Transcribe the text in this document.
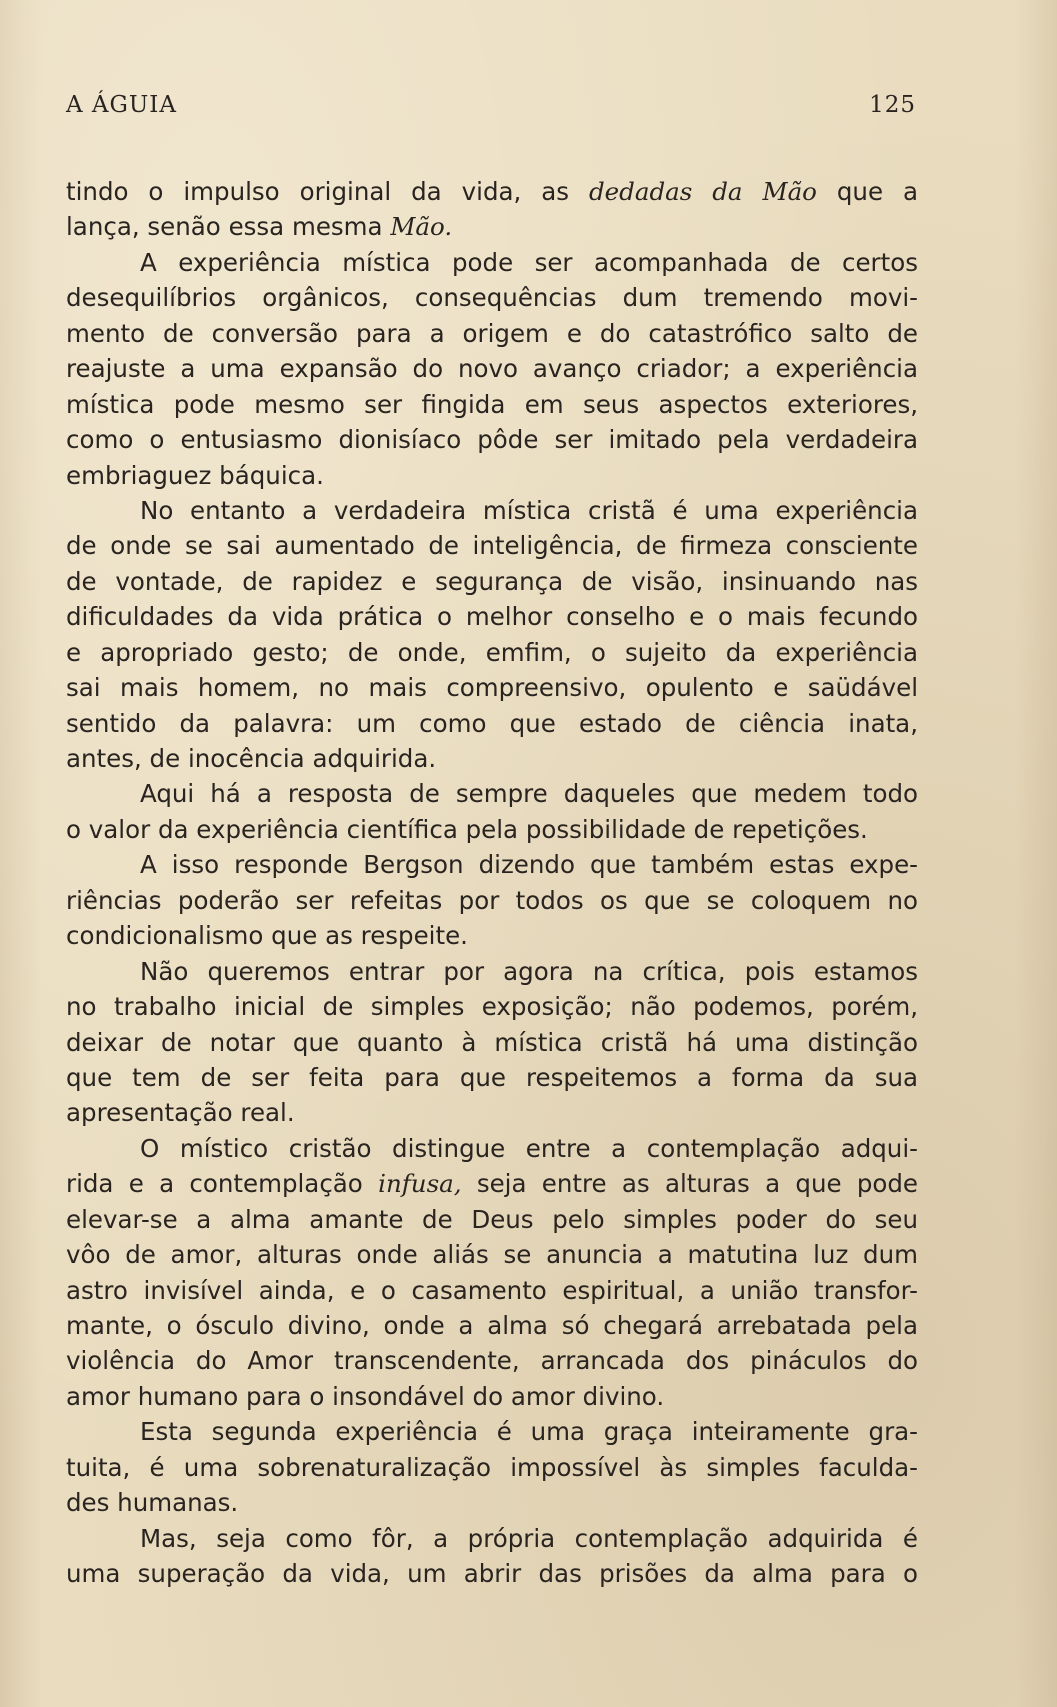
A ÁGUIA	125
tindo o impulso original da vida, as dedadas da Mão que a
lança, senão essa mesma Mão.
A experiência mística pode ser acompanhada de certos
desequilíbrios orgânicos, consequências dum tremendo movi-
mento de conversão para a origem e do catastrófico salto de
reajuste a uma expansão do novo avanço criador; a experiência
mística pode mesmo ser fingida em seus aspectos exteriores,
como o entusiasmo dionisíaco pôde ser imitado pela verdadeira
embriaguez báquica.
No entanto a verdadeira mística cristã é uma experiência
de onde se sai aumentado de inteligência, de firmeza consciente
de vontade, de rapidez e segurança de visão, insinuando nas
dificuldades da vida prática o melhor conselho e o mais fecundo
e apropriado gesto; de onde, emfim, o sujeito da experiência
sai mais homem, no mais compreensivo, opulento e saüdável
sentido da palavra: um como que estado de ciência inata,
antes, de inocência adquirida.
Aqui há a resposta de sempre daqueles que medem todo
o valor da experiência científica pela possibilidade de repetições.
A isso responde Bergson dizendo que também estas expe-
riências poderão ser refeitas por todos os que se coloquem no
condicionalismo que as respeite.
Não queremos entrar por agora na crítica, pois estamos
no trabalho inicial de simples exposição; não podemos, porém,
deixar de notar que quanto à mística cristã há uma distinção
que tem de ser feita para que respeitemos a forma da sua
apresentação real.
O místico cristão distingue entre a contemplação adqui-
rida e a contemplação infusa, seja entre as alturas a que pode
elevar-se a alma amante de Deus pelo simples poder do seu
vôo de amor, alturas onde aliás se anuncia a matutina luz dum
astro invisível ainda, e o casamento espiritual, a união transfor-
mante, o ósculo divino, onde a alma só chegará arrebatada pela
violência do Amor transcendente, arrancada dos pináculos do
amor humano para o insondável do amor divino.
Esta segunda experiência é uma graça inteiramente gra-
tuita, é uma sobrenaturalização impossível às simples faculda-
des humanas.
Mas, seja como fôr, a própria contemplação adquirida é
uma superação da vida, um abrir das prisões da alma para o
